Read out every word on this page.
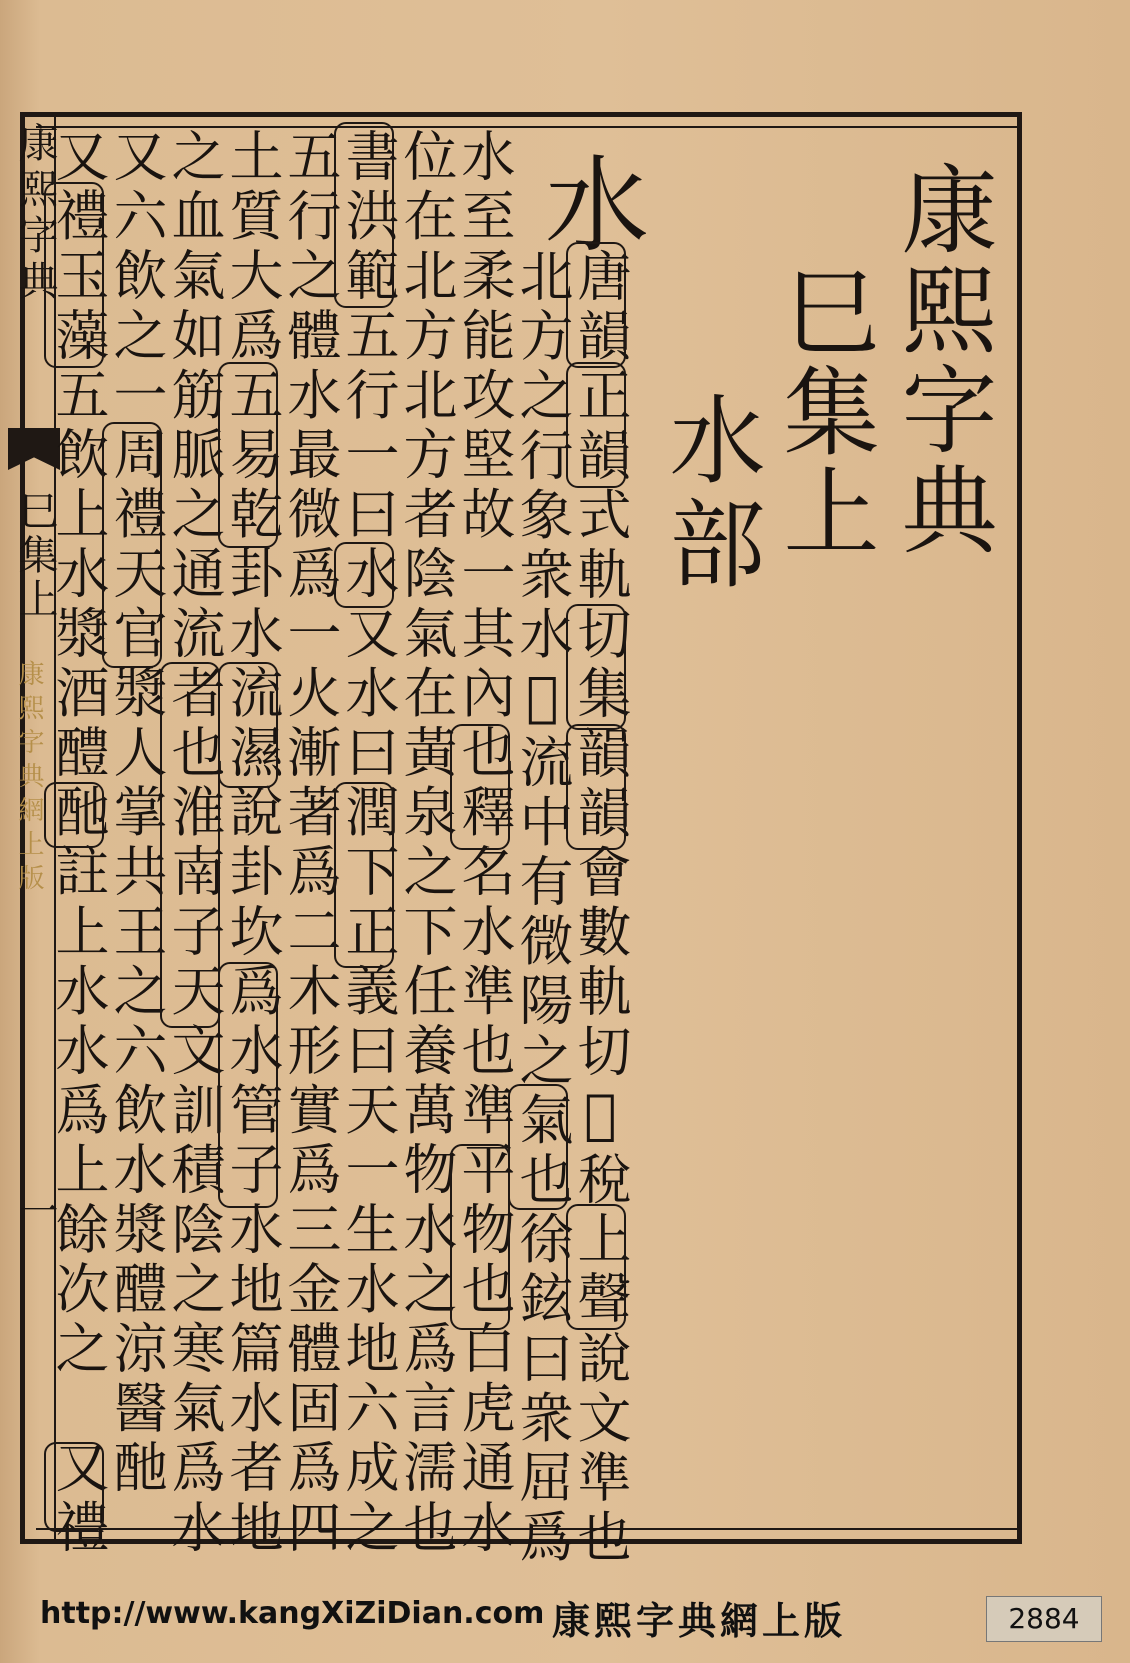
康熙字典
巳集上
康熙字典網上版
一
康熙字典
巳集上
水部
水
唐韻正韻式軌切集韻韻會數軌切𡴳稅上聲說文準也
北方之行象衆水𡴳流中有微陽之氣也徐鉉曰衆屈爲
水至柔能攻堅故一其內也釋名水準也準平物也白虎通水
位在北方北方者陰氣在黃泉之下任養萬物水之爲言濡也
書洪範五行一曰水又水曰潤下正義曰天一生水地六成之
五行之體水最微爲一火漸著爲二木形實爲三金體固爲四
土質大爲五易乾卦水流濕說卦坎爲水管子水地篇水者地
之血氣如筋脈之通流者也淮南子天文訓積陰之寒氣爲水
又六飲之一周禮天官漿人掌共王之六飲水漿醴涼醫酏
又禮玉藻五飲上水漿酒醴酏註上水水爲上餘次之　又禮
http://www.kangXiZiDian.com 康熙字典網上版	2884
